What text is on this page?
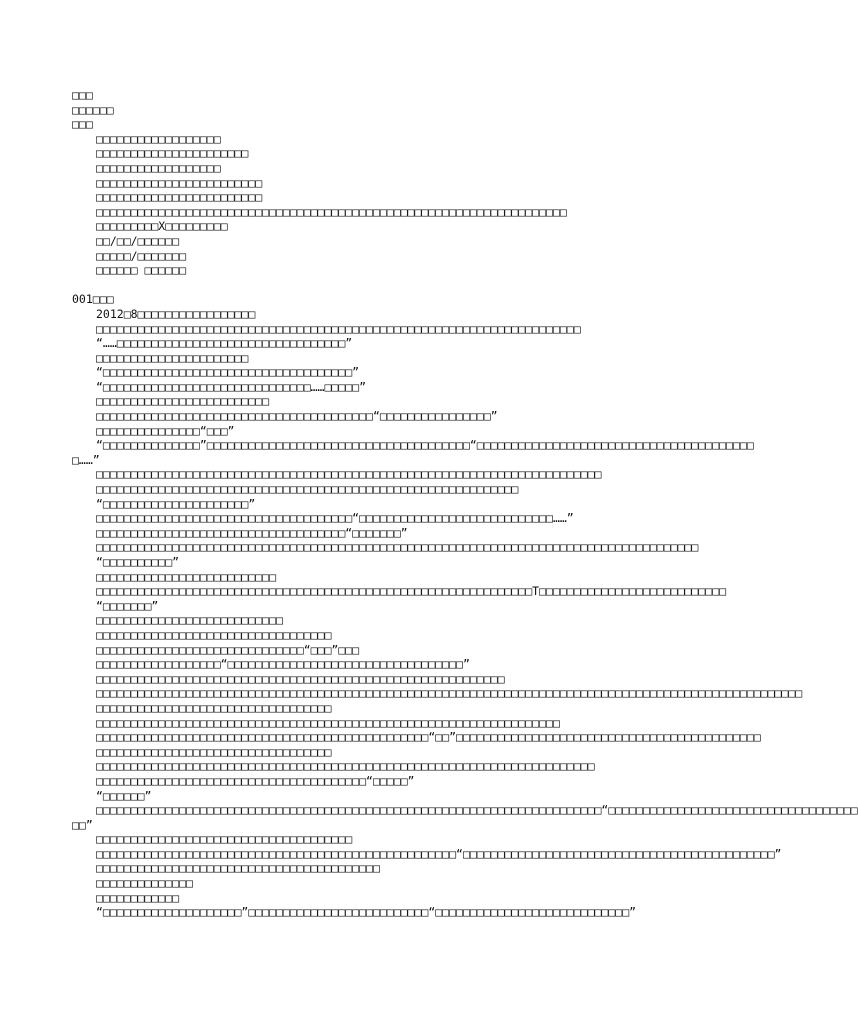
□□□
□□□□□□
□□□
□□□□□□□□□□□□□□□□□□
□□□□□□□□□□□□□□□□□□□□□□
□□□□□□□□□□□□□□□□□□
□□□□□□□□□□□□□□□□□□□□□□□□
□□□□□□□□□□□□□□□□□□□□□□□□
□□□□□□□□□□□□□□□□□□□□□□□□□□□□□□□□□□□□□□□□□□□□□□□□□□□□□□□□□□□□□□□□□□□□
□□□□□□□□□X□□□□□□□□□
□□/□□/□□□□□□
□□□□□/□□□□□□□
□□□□□□ □□□□□□
001□□□
2012□8□□□□□□□□□□□□□□□□□
□□□□□□□□□□□□□□□□□□□□□□□□□□□□□□□□□□□□□□□□□□□□□□□□□□□□□□□□□□□□□□□□□□□□□□
“……□□□□□□□□□□□□□□□□□□□□□□□□□□□□□□□□□”
□□□□□□□□□□□□□□□□□□□□□□
“□□□□□□□□□□□□□□□□□□□□□□□□□□□□□□□□□□□□”
“□□□□□□□□□□□□□□□□□□□□□□□□□□□□□□……□□□□□”
□□□□□□□□□□□□□□□□□□□□□□□□□
□□□□□□□□□□□□□□□□□□□□□□□□□□□□□□□□□□□□□□□□“□□□□□□□□□□□□□□□□”
□□□□□□□□□□□□□□□“□□□”
“□□□□□□□□□□□□□□”□□□□□□□□□□□□□□□□□□□□□□□□□□□□□□□□□□□□□□“□□□□□□□□□□□□□□□□□□□□□□□□□□□□□□□□□□□□□□□□
□……”
□□□□□□□□□□□□□□□□□□□□□□□□□□□□□□□□□□□□□□□□□□□□□□□□□□□□□□□□□□□□□□□□□□□□□□□□□
□□□□□□□□□□□□□□□□□□□□□□□□□□□□□□□□□□□□□□□□□□□□□□□□□□□□□□□□□□□□□
“□□□□□□□□□□□□□□□□□□□□□”
□□□□□□□□□□□□□□□□□□□□□□□□□□□□□□□□□□□□□“□□□□□□□□□□□□□□□□□□□□□□□□□□□□……”
□□□□□□□□□□□□□□□□□□□□□□□□□□□□□□□□□□□□“□□□□□□□”
□□□□□□□□□□□□□□□□□□□□□□□□□□□□□□□□□□□□□□□□□□□□□□□□□□□□□□□□□□□□□□□□□□□□□□□□□□□□□□□□□□□□□□□
“□□□□□□□□□□”
□□□□□□□□□□□□□□□□□□□□□□□□□□
□□□□□□□□□□□□□□□□□□□□□□□□□□□□□□□□□□□□□□□□□□□□□□□□□□□□□□□□□□□□□□□T□□□□□□□□□□□□□□□□□□□□□□□□□□□
“□□□□□□□”
□□□□□□□□□□□□□□□□□□□□□□□□□□□
□□□□□□□□□□□□□□□□□□□□□□□□□□□□□□□□□□
□□□□□□□□□□□□□□□□□□□□□□□□□□□□□□“□□□”□□□
□□□□□□□□□□□□□□□□□□“□□□□□□□□□□□□□□□□□□□□□□□□□□□□□□□□□□”
□□□□□□□□□□□□□□□□□□□□□□□□□□□□□□□□□□□□□□□□□□□□□□□□□□□□□□□□□□□
□□□□□□□□□□□□□□□□□□□□□□□□□□□□□□□□□□□□□□□□□□□□□□□□□□□□□□□□□□□□□□□□□□□□□□□□□□□□□□□□□□□□□□□□□□□□□□□□□□□□□□
□□□□□□□□□□□□□□□□□□□□□□□□□□□□□□□□□□
□□□□□□□□□□□□□□□□□□□□□□□□□□□□□□□□□□□□□□□□□□□□□□□□□□□□□□□□□□□□□□□□□□□
□□□□□□□□□□□□□□□□□□□□□□□□□□□□□□□□□□□□□□□□□□□□□□□□“□□”□□□□□□□□□□□□□□□□□□□□□□□□□□□□□□□□□□□□□□□□□□□□
□□□□□□□□□□□□□□□□□□□□□□□□□□□□□□□□□□
□□□□□□□□□□□□□□□□□□□□□□□□□□□□□□□□□□□□□□□□□□□□□□□□□□□□□□□□□□□□□□□□□□□□□□□□
□□□□□□□□□□□□□□□□□□□□□□□□□□□□□□□□□□□□□□□“□□□□□”
“□□□□□□”
□□□□□□□□□□□□□□□□□□□□□□□□□□□□□□□□□□□□□□□□□□□□□□□□□□□□□□□□□□□□□□□□□□□□□□□□□“□□□□□□□□□□□□□□□□□□□□□□□□□□□□□□□□□□□□
□□”
□□□□□□□□□□□□□□□□□□□□□□□□□□□□□□□□□□□□□
□□□□□□□□□□□□□□□□□□□□□□□□□□□□□□□□□□□□□□□□□□□□□□□□□□□□“□□□□□□□□□□□□□□□□□□□□□□□□□□□□□□□□□□□□□□□□□□□□□”
□□□□□□□□□□□□□□□□□□□□□□□□□□□□□□□□□□□□□□□□□
□□□□□□□□□□□□□□
□□□□□□□□□□□□
“□□□□□□□□□□□□□□□□□□□□”□□□□□□□□□□□□□□□□□□□□□□□□□□“□□□□□□□□□□□□□□□□□□□□□□□□□□□□”
